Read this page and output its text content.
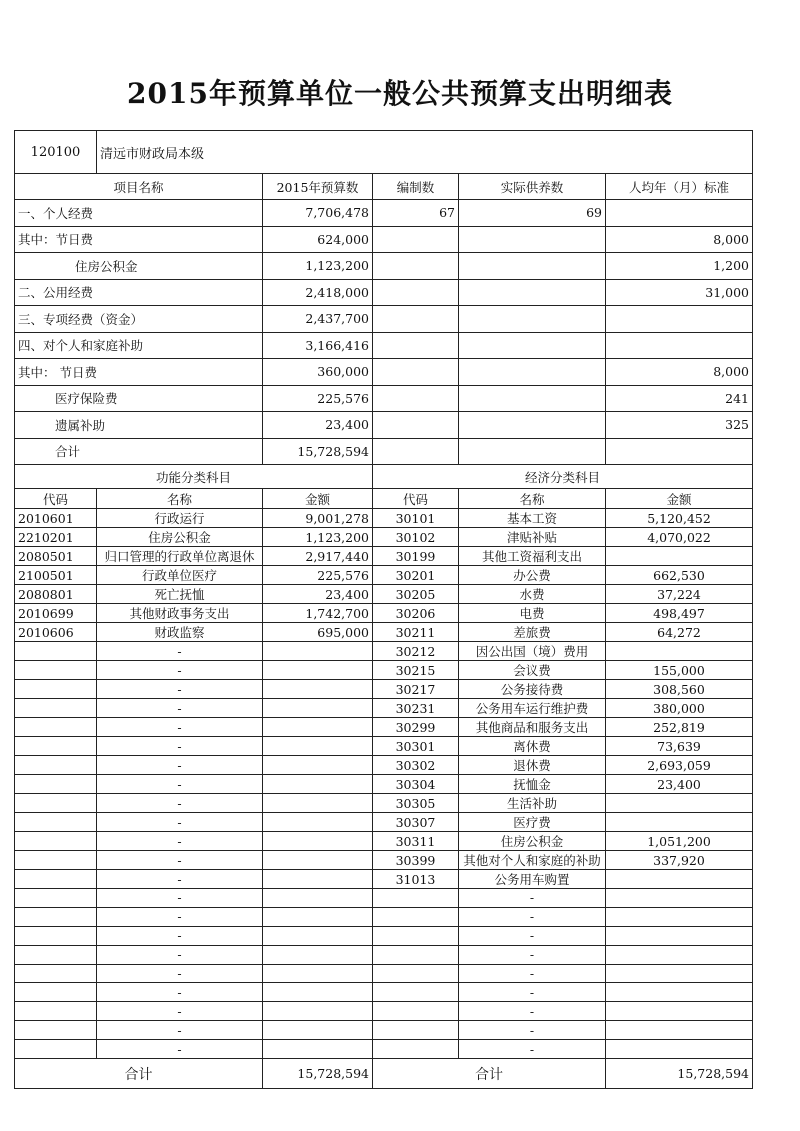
2015年预算单位一般公共预算支出明细表
120100	清远市财政局本级				
项目名称		2015年预算数	编制数	实际供养数	人均年（月）标准
一、个人经费		7,706,478	67	69	
其中：节日费		624,000			8,000
住房公积金		1,123,200			1,200
二、公用经费		2,418,000			31,000
三、专项经费（资金）		2,437,700			
四、对个人和家庭补助		3,166,416			
其中： 节日费		360,000			8,000
医疗保险费		225,576			241
遗属补助		23,400			325
合计		15,728,594			
功能分类科目			经济分类科目		
代码	名称	金额	代码	名称	金额
2010601	行政运行	9,001,278	30101	基本工资	5,120,452
2210201	住房公积金	1,123,200	30102	津贴补贴	4,070,022
2080501	归口管理的行政单位离退休	2,917,440	30199	其他工资福利支出	
2100501	行政单位医疗	225,576	30201	办公费	662,530
2080801	死亡抚恤	23,400	30205	水费	37,224
2010699	其他财政事务支出	1,742,700	30206	电费	498,497
2010606	财政监察	695,000	30211	差旅费	64,272
	-		30212	因公出国（境）费用	
	-		30215	会议费	155,000
	-		30217	公务接待费	308,560
	-		30231	公务用车运行维护费	380,000
	-		30299	其他商品和服务支出	252,819
	-		30301	离休费	73,639
	-		30302	退休费	2,693,059
	-		30304	抚恤金	23,400
	-		30305	生活补助	
	-		30307	医疗费	
	-		30311	住房公积金	1,051,200
	-		30399	其他对个人和家庭的补助	337,920
	-		31013	公务用车购置	
	-			-	
	-			-	
	-			-	
	-			-	
	-			-	
	-			-	
	-			-	
	-			-	
	-			-	
合计		15,728,594	合计		15,728,594
